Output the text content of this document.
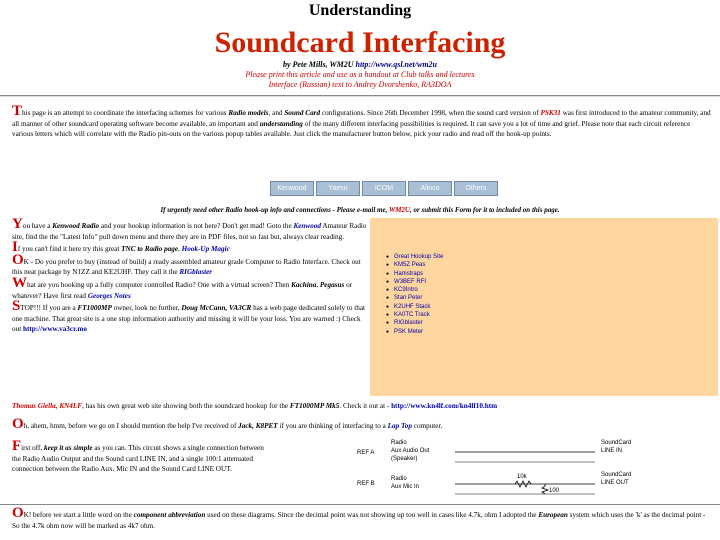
Understanding
Soundcard Interfacing
by Pete Mills, WM2U http://www.qsl.net/wm2u
Please print this article and use as a handout at Club talks and lectures
Interface (Russian) text to Andrey Dvorshenko, RA3DOA
This page is an attempt to coordinate the interfacing schemes for various Radio models, and Sound Card configurations. Since 26th December 1998, when the sound card version of PSK31 was first introduced to the amateur community, and all manner of other soundcard operating software become available, an important and understanding of the many different interfacing possibilities is required. It can save you a lot of time and grief. Please note that each circuit reference various letters which will correlate with the Radio pin-outs on the various popup tables available. Just click the manufacturer button below, pick your radio and read off the hook-up points.
Kenwood	Yaesu	ICOM	Alinco	Others
If urgently need other Radio hook-up info and connections - Please e-mail me, WM2U, or submit this Form for it to included on this page.

You have a Kenwood Radio and your hookup information is not here? Don't get mad! Goto the Kenwood Amateur Radio site, find the the "Latest Info" pull down menu and there they are in PDF files, not so fast but, always clear reading.

If you can't find it here try this great TNC to Radio page, Hook-Up Magic

OK - Do you prefer to buy (instead of build) a ready assembled amateur grade Computer to Radio Interface. Check out this neat package by N1ZZ and KE2UHF. They call it the RIGblaster

What are you hooking up a fully computer controlled Radio? One with a virtual screen? Then Kachina, Pegasus or whatever? Have first read Georges Notes

STOP!!! If you are a FT1000MP owner, look no further, Doug McCann, VA3CR has a web page dedicated solely to that one machine. That great site is a one stop information authority and missing it will be your loss. You are warned :) Check out http://www.va3cr.mo

● Great Hookup Site
● KM5Z Peas
● Hamstraps
● W3BEF RFI
● KC9Intro
● Stan Peter
● K2UHF Stack
● KA0TC Track
● RIGblaster
● PSK Meter
Thomas Giella, KN4LF, has his own great web site showing both the soundcard hookup for the FT1000MP Mk5. Check it out at - http://www.kn4lf.com/kn4lf10.htm
Oh, ahem, hmm, before we go on I should mention the help I've received of Jack, K8PET if you are thinking of interfacing to a Lap Top computer.
First off, keep it as simple as you can. This circuit shows a single connection between the Radio Audio Output and the Sound card LINE IN, and a single 100:1 attenuated connection between the Radio Aux. Mic IN and the Sound Card LINE OUT.
REF A
REF B
Radio
Aux Audio Out
(Speaker)
Radio
Aux Mic In
10k
100
SoundCard
LINE IN
SoundCard
LINE OUT
OK! before we start a little word on the component abbreviation used on these diagrams. Since the decimal point was not showing up too well in cases like 4.7k, ohm I adopted the European system which uses the 'k' as the decimal point - So the 4.7k ohm now will be marked as 4k7 ohm.
